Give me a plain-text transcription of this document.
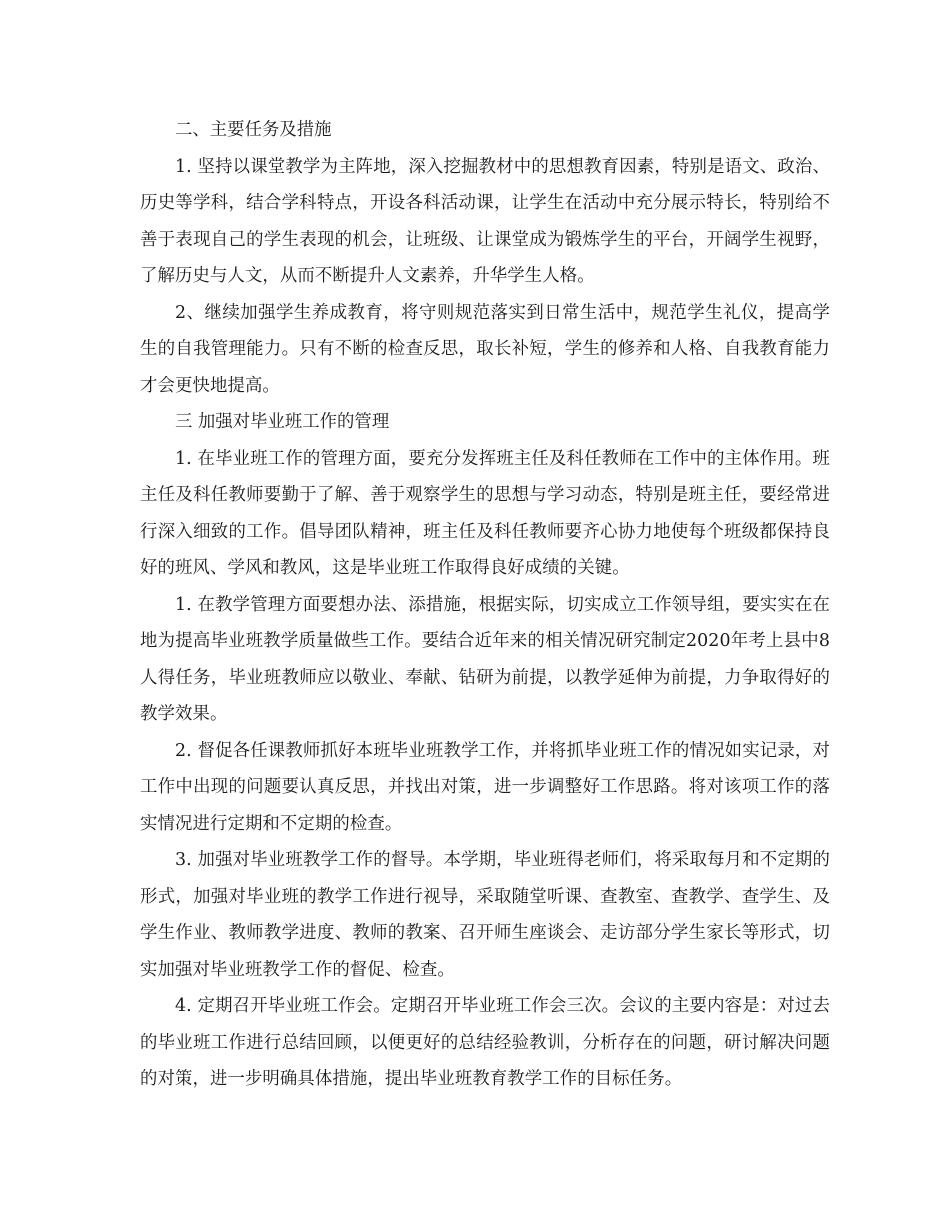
二、主要任务及措施

1. 坚持以课堂教学为主阵地，深入挖掘教材中的思想教育因素，特别是语文、政治、历史等学科，结合学科特点，开设各科活动课，让学生在活动中充分展示特长，特别给不善于表现自己的学生表现的机会，让班级、让课堂成为锻炼学生的平台，开阔学生视野，了解历史与人文，从而不断提升人文素养，升华学生人格。

2、继续加强学生养成教育，将守则规范落实到日常生活中，规范学生礼仪，提高学生的自我管理能力。只有不断的检查反思，取长补短，学生的修养和人格、自我教育能力才会更快地提高。

三 加强对毕业班工作的管理

1. 在毕业班工作的管理方面，要充分发挥班主任及科任教师在工作中的主体作用。班主任及科任教师要勤于了解、善于观察学生的思想与学习动态，特别是班主任，要经常进行深入细致的工作。倡导团队精神，班主任及科任教师要齐心协力地使每个班级都保持良好的班风、学风和教风，这是毕业班工作取得良好成绩的关键。

1. 在教学管理方面要想办法、添措施，根据实际，切实成立工作领导组，要实实在在地为提高毕业班教学质量做些工作。要结合近年来的相关情况研究制定2020年考上县中8人得任务，毕业班教师应以敬业、奉献、钻研为前提，以教学延伸为前提，力争取得好的教学效果。

2. 督促各任课教师抓好本班毕业班教学工作，并将抓毕业班工作的情况如实记录，对工作中出现的问题要认真反思，并找出对策，进一步调整好工作思路。将对该项工作的落实情况进行定期和不定期的检查。

3. 加强对毕业班教学工作的督导。本学期，毕业班得老师们，将采取每月和不定期的形式，加强对毕业班的教学工作进行视导，采取随堂听课、查教室、查教学、查学生、及学生作业、教师教学进度、教师的教案、召开师生座谈会、走访部分学生家长等形式，切实加强对毕业班教学工作的督促、检查。

4. 定期召开毕业班工作会。定期召开毕业班工作会三次。会议的主要内容是：对过去的毕业班工作进行总结回顾，以便更好的总结经验教训，分析存在的问题，研讨解决问题的对策，进一步明确具体措施，提出毕业班教育教学工作的目标任务。
